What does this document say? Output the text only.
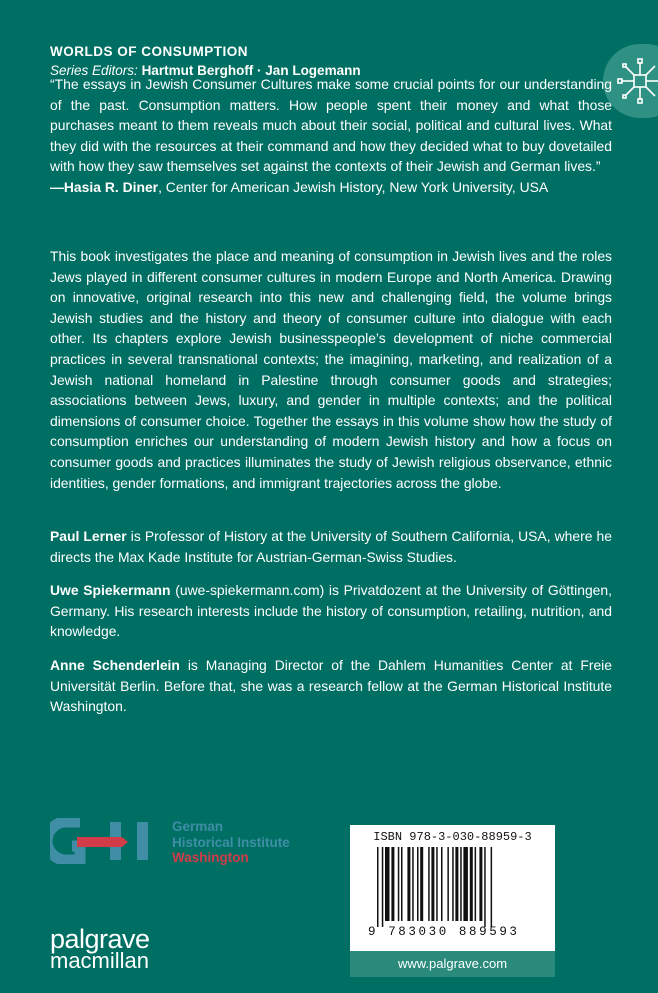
WORLDS OF CONSUMPTION
Series Editors: Hartmut Berghoff · Jan Logemann

“The essays in Jewish Consumer Cultures make some crucial points for our understanding of the past. Consumption matters. How people spent their money and what those purchases meant to them reveals much about their social, political and cultural lives. What they did with the resources at their command and how they decided what to buy dovetailed with how they saw themselves set against the contexts of their Jewish and German lives.”
—Hasia R. Diner, Center for American Jewish History, New York University, USA

This book investigates the place and meaning of consumption in Jewish lives and the roles Jews played in different consumer cultures in modern Europe and North America. Drawing on innovative, original research into this new and challenging field, the volume brings Jewish studies and the history and theory of consumer culture into dialogue with each other. Its chapters explore Jewish businesspeople’s development of niche commercial practices in several transnational contexts; the imagining, marketing, and realization of a Jewish national homeland in Palestine through consumer goods and strategies; associations between Jews, luxury, and gender in multiple contexts; and the political dimensions of consumer choice. Together the essays in this volume show how the study of consumption enriches our understanding of modern Jewish history and how a focus on consumer goods and practices illuminates the study of Jewish religious observance, ethnic identities, gender formations, and immigrant trajectories across the globe.

Paul Lerner is Professor of History at the University of Southern California, USA, where he directs the Max Kade Institute for Austrian-German-Swiss Studies.

Uwe Spiekermann (uwe-spiekermann.com) is Privatdozent at the University of Göttingen, Germany. His research interests include the history of consumption, retailing, nutrition, and knowledge.

Anne Schenderlein is Managing Director of the Dahlem Humanities Center at Freie Universität Berlin. Before that, she was a research fellow at the German Historical Institute Washington.

German
Historical Institute
Washington
palgrave
macmillan
ISBN 978-3-030-88959-3
9 783030 889593
www.palgrave.com
